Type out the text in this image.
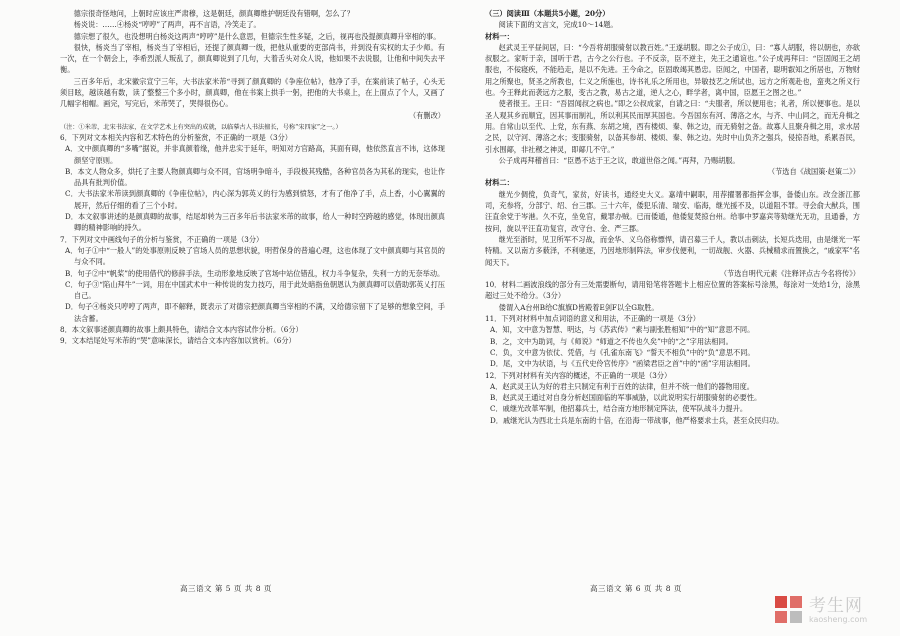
德宗很奇怪地问，上朝时应该庄严肃穆，这是朝廷，颜真卿维护朝廷没有错啊，怎么了？

杨炎说：……④杨炎“哼哼”了两声，再不言语，冷笑走了。

德宗想了很久，也没想明白杨炎这两声“哼哼”是什么意思，但德宗生性多疑，之后，视再也没提颜真卿升宰相的事。

很快，杨炎当了宰相，杨炎当了宰相后，还提了颜真卿一级，把他从重要的吏部尚书，并到没有实权的太子少师。有一次，在一个朝会上，李希烈派人叛乱了，颜真卿说到了几句，大着舌头对众人说，他如果不去说服，让他和中间失去平衡。

三百多年后，北宋徽宗宣宁三年，大书法家米芾“寻到了颜真卿的《争座位帖》，他净了手，在案前读了帖子，心头无须目眩，越读越有数，读了整整三个多小时，颜真卿，他在书案上拱手一躬，把他的大书桌上，在上面点了个人，又画了几幅字相帽。画完，写完后，米芾哭了，哭得很伤心。

（有删改）

（注：①米芾，北宋书法家，在文学艺术上有突出的成就，以临摹古人书法擅长，号称“宋四家”之一。）

6．下列对文本相关内容和艺术特色的分析鉴赏，不正确的一项是（3分）

A．文中颜真卿的“多嘴”据说，并非真颜着缘，他并忠实于延年，明知对方官路高，其面有碍，他依然直言不讳，这体现颜坚守原则。

B．本文人物众多，烘托了主要人物颜真卿与众不同，官场明争暗斗，手段极其残酷，各种官员各为其私的现实，也让作品具有批判价值。

C．大书法家米芾读到颜真卿的《争座位帖》，内心深为郭英乂的行为感到愤怒，才有了他净了手，点上香，小心翼翼的展开，然后仔细的看了三个小时。

D．本文叙事讲述的是颜真卿的故事，结尾却转为三百多年后书法家米芾的故事，给人一种时空跨越的感觉，体现出颜真卿的精神影响的持久。

7．下列对文中画线句子的分析与鉴赏，不正确的一项是（3分）

A．句子①中“一般人”的处事原则反映了官场人员的思想状貌，明哲保身的普遍心理，这也体现了文中颜真卿与其官员的与众不同。

B．句子②中“帆桨”的使用借代的修辞手法，生动形象地反映了官场中站位错乱，权力斗争复杂，失利一方的无奈举动。

C．句子③“陷山拜牛”一词，用在中国武术中一种传说的发力技巧，用于此处暗指鱼朝恩认为颜真卿可以借助郭英乂打压自己。

D．句子④杨炎只哼哼了两声，即不解释，既表示了对德宗把颜真卿当宰相的不满，又给德宗留下了足够的想象空间，手法含蓄。

8．本文叙事述颜真卿的故事上颇具特色，请结合文本内容试作分析。（6分）

9．文本结尾处写米芾的“哭”意味深长，请结合文本内容加以赏析。（6分）

（三）阅读Ⅲ（本题共5小题，20分）

阅读下面的文言文，完成10～14题。

材料一：

赵武灵王平昼间居，曰：“今吾将胡服骑射以教百姓。”王遂胡服。即之公子成①，曰：“寡人胡服，将以朝也，亦欲叔服之。家听于亲，国听于君，古今之公行也。子不反亲，臣不逆主，先王之通谊也。”公子成再拜曰：“臣固闻王之胡服也，不佞寝疾，不能趋走，是以不先进。王今命之，臣固敢竭其愚忠。臣闻之，中国者，聪明叡知之所居也，万物财用之所聚也，贤圣之所教也，仁义之所施也，诗书礼乐之所用也，异敏技艺之所试也，远方之所观赴也，蛮夷之所义行也。今王释此而袭远方之服，变古之教，易古之道，逆人之心，畔学者，离中国，臣愿王之图之也。”

使者报王。王曰：“吾固闻叔之病也。”即之公叔成家，自请之曰：“夫服者，所以便用也；礼者，所以便事也。是以圣人观其乡而顺宜，因其事而制礼，所以利其民而厚其国也。今吾国东有河、薄洛之水，与齐、中山同之，而无舟楫之用。自常山以至代、上党，东有燕、东胡之境，西有楼烦、秦、韩之边，而无骑射之备。故寡人且聚舟楫之用，求水居之民，以守河、薄洛之水；变服骑射，以备其参胡、楼烦、秦、韩之边。先时中山负齐之强兵，侵掠吾地，系累吾民，引水围鄗，非社稷之神灵，即鄗几不守。”

公子成再拜稽首曰：“臣愚不达于王之议，敢道世俗之闻。”再拜，乃赐胡服。

（节选自《战国策·赵策二》）

材料二：

继光少倜傥，负奇气，家贫，好读书，通经史大义。嘉靖中嗣职，用荐擢署都指挥佥事，备倭山东。改佥浙江都司，充参将，分部宁、绍、台三郡。三十六年，倭犯乐清、瑞安、临海，继光援不及，以道阻不罪。寻会俞大猷兵，围汪直余党于岑港。久不克，坐免官，戴罪办贼。已而倭遁，他倭复焚掠台州。给事中罗嘉宾等劾继光无功，且通番，方按问，旋以平汪直功复官，改守台、金、严三郡。

继光至浙时，见卫所军不习战，而金华、义乌俗称慓悍，请召募三千人，教以击刺法，长短兵迭用，由是继光一军特精。又以南方多薮泽，不利驰逐，乃因地形制阵法，审步伐便利，一切战舰、火器、兵械精求而置换之，“戚家军”名闻天下。

（节选自明代元素《注释评点古今名将传》）

10．材料二画波浪线的部分有三处需要断句，请用铅笔将答题卡上相应位置的答案标号涂黑，每涂对一处给1分，涂黑超过三处不给分。（3分）

偻谓入A台州B给C旗旗D皆殿着E剑F以全G取胜。

11．下列对材料中加点词语的意义和用法，不正确的一项是（3分）

A．知，文中意为智慧、明达，与《苏武传》“素与副张胜相知”中的“知”意思不同。

B．之，文中为助词，与《师说》“师道之不传也久矣”中的“之”字用法相同。

C．负，文中意为依仗、凭借，与《孔雀东南飞》“誓天不相负”中的“负”意思不同。

D．尾，文中为状语，与《五代史伶官传序》“函梁君臣之首”中的“函”字用法相同。

12．下列对材料有关内容的概述，不正确的一项是（3分）

A．赵武灵王认为好的君主只制定有利于百姓的法律，但并不统一他们的器物用度。

B．赵武灵王通过对自身分析赵国面临的军事威胁，以此说明实行胡服骑射的必要性。

C．戚继光改革军制，他招募兵士，结合南方地形制定阵法，使军队战斗力提升。

D．戚继光认为西北士兵是东南的十倍，在沿海一带战事，他严格要求士兵，甚至众民归功。

高三语文 第 5 页 共 8 页	高三语文 第 6 页 共 8 页
考生网
kaosheng.com
